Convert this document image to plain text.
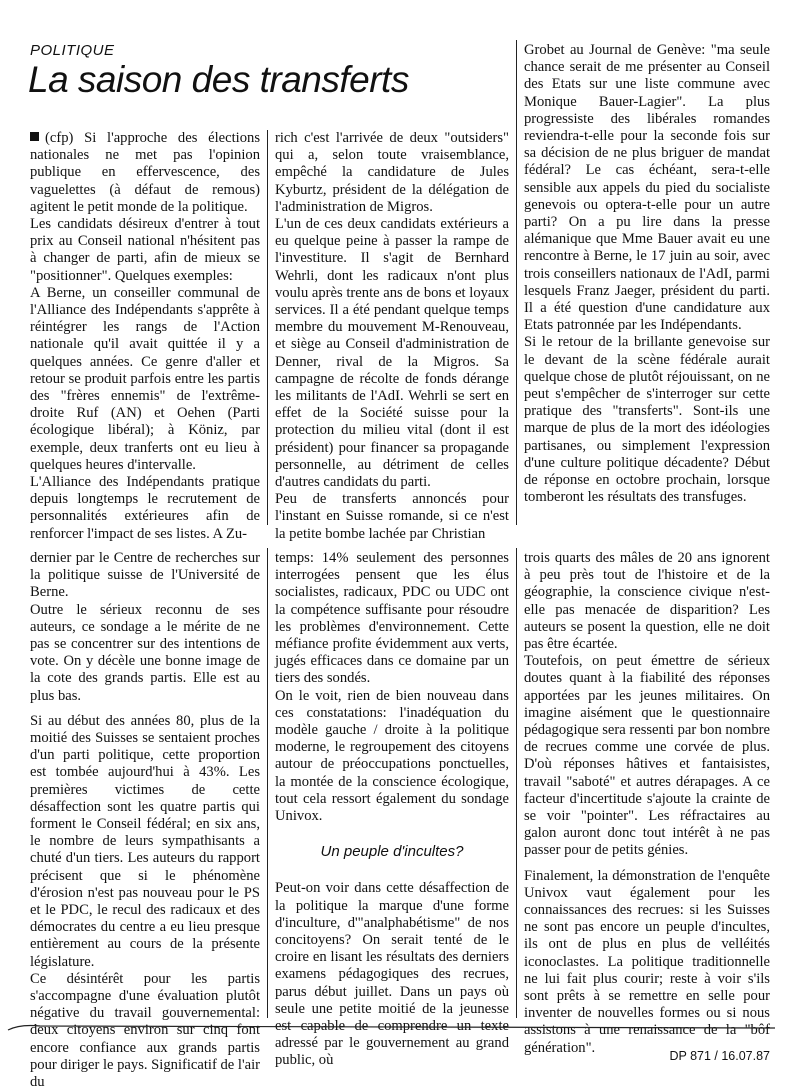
POLITIQUE
La saison des transferts

(cfp) Si l'approche des élections nationales ne met pas l'opinion publique en effervescence, des vaguelettes (à défaut de remous) agitent le petit monde de la politique.

Les candidats désireux d'entrer à tout prix au Conseil national n'hésitent pas à changer de parti, afin de mieux se "positionner". Quelques exemples:

A Berne, un conseiller communal de l'Alliance des Indépendants s'apprête à réintégrer les rangs de l'Action nationale qu'il avait quittée il y a quelques années. Ce genre d'aller et retour se produit parfois entre les partis des "frères ennemis" de l'extrême-droite Ruf (AN) et Oehen (Parti écologique libéral); à Köniz, par exemple, deux tranferts ont eu lieu à quelques heures d'intervalle.

L'Alliance des Indépendants pratique depuis longtemps le recrutement de personnalités extérieures afin de renforcer l'impact de ses listes. A Zu-

rich c'est l'arrivée de deux "outsiders" qui a, selon toute vraisemblance, empêché la candidature de Jules Kyburtz, président de la délégation de l'administration de Migros.

L'un de ces deux candidats extérieurs a eu quelque peine à passer la rampe de l'investiture. Il s'agit de Bernhard Wehrli, dont les radicaux n'ont plus voulu après trente ans de bons et loyaux services. Il a été pendant quelque temps membre du mouvement M-Renouveau, et siège au Conseil d'administration de Denner, rival de la Migros. Sa campagne de récolte de fonds dérange les militants de l'AdI. Wehrli se sert en effet de la Société suisse pour la protection du milieu vital (dont il est président) pour financer sa propagande personnelle, au détriment de celles d'autres candidats du parti.

Peu de transferts annoncés pour l'instant en Suisse romande, si ce n'est la petite bombe lachée par Christian

Grobet au Journal de Genève: "ma seule chance serait de me présenter au Conseil des Etats sur une liste commune avec Monique Bauer-Lagier". La plus progressiste des libérales romandes reviendra-t-elle pour la seconde fois sur sa décision de ne plus briguer de mandat fédéral? Le cas échéant, sera-t-elle sensible aux appels du pied du socialiste genevois ou optera-t-elle pour un autre parti? On a pu lire dans la presse alémanique que Mme Bauer avait eu une rencontre à Berne, le 17 juin au soir, avec trois conseillers nationaux de l'AdI, parmi lesquels Franz Jaeger, président du parti. Il a été question d'une candidature aux Etats patronnée par les Indépendants.

Si le retour de la brillante genevoise sur le devant de la scène fédérale aurait quelque chose de plutôt réjouissant, on ne peut s'empêcher de s'interroger sur cette pratique des "transferts". Sont-ils une marque de plus de la mort des idéologies partisanes, ou simplement l'expression d'une culture politique décadente? Début de réponse en octobre prochain, lorsque tomberont les résultats des transfuges.

dernier par le Centre de recherches sur la politique suisse de l'Université de Berne.

Outre le sérieux reconnu de ses auteurs, ce sondage a le mérite de ne pas se concentrer sur des intentions de vote. On y décèle une bonne image de la cote des grands partis. Elle est au plus bas.

Si au début des années 80, plus de la moitié des Suisses se sentaient proches d'un parti politique, cette proportion est tombée aujourd'hui à 43%. Les premières victimes de cette désaffection sont les quatre partis qui forment le Conseil fédéral; en six ans, le nombre de leurs sympathisants a chuté d'un tiers. Les auteurs du rapport précisent que si le phénomène d'érosion n'est pas nouveau pour le PS et le PDC, le recul des radicaux et des démocrates du centre a eu lieu presque entièrement au cours de la présente législature.

Ce désintérêt pour les partis s'accompagne d'une évaluation plutôt négative du travail gouvernemental: deux citoyens environ sur cinq font encore confiance aux grands partis pour diriger le pays. Significatif de l'air du

temps: 14% seulement des personnes interrogées pensent que les élus socialistes, radicaux, PDC ou UDC ont la compétence suffisante pour résoudre les problèmes d'environnement. Cette méfiance profite évidemment aux verts, jugés efficaces dans ce domaine par un tiers des sondés.

On le voit, rien de bien nouveau dans ces constatations: l'inadéquation du modèle gauche / droite à la politique moderne, le regroupement des citoyens autour de préoccupations ponctuelles, la montée de la conscience écologique, tout cela ressort également du sondage Univox.

Un peuple d'incultes?

Peut-on voir dans cette désaffection de la politique la marque d'une forme d'inculture, d'"analphabétisme" de nos concitoyens? On serait tenté de le croire en lisant les résultats des derniers examens pédagogiques des recrues, parus début juillet. Dans un pays où seule une petite moitié de la jeunesse est capable de comprendre un texte adressé par le gouvernement au grand public, où

trois quarts des mâles de 20 ans ignorent à peu près tout de l'histoire et de la géographie, la conscience civique n'est-elle pas menacée de disparition? Les auteurs se posent la question, elle ne doit pas être écartée.

Toutefois, on peut émettre de sérieux doutes quant à la fiabilité des réponses apportées par les jeunes militaires. On imagine aisément que le questionnaire pédagogique sera ressenti par bon nombre de recrues comme une corvée de plus. D'où réponses hâtives et fantaisistes, travail "saboté" et autres dérapages. A ce facteur d'incertitude s'ajoute la crainte de se voir "pointer". Les réfractaires au galon auront donc tout intérêt à ne pas passer pour de petits génies.

Finalement, la démonstration de l'enquête Univox vaut également pour les connaissances des recrues: si les Suisses ne sont pas encore un peuple d'incultes, ils ont de plus en plus de velléités iconoclastes. La politique traditionnelle ne lui fait plus courir; reste à voir s'ils sont prêts à se remettre en selle pour inventer de nouvelles formes ou si nous assistons à une renaissance de la "bôf génération".

DP 871 / 16.07.87
